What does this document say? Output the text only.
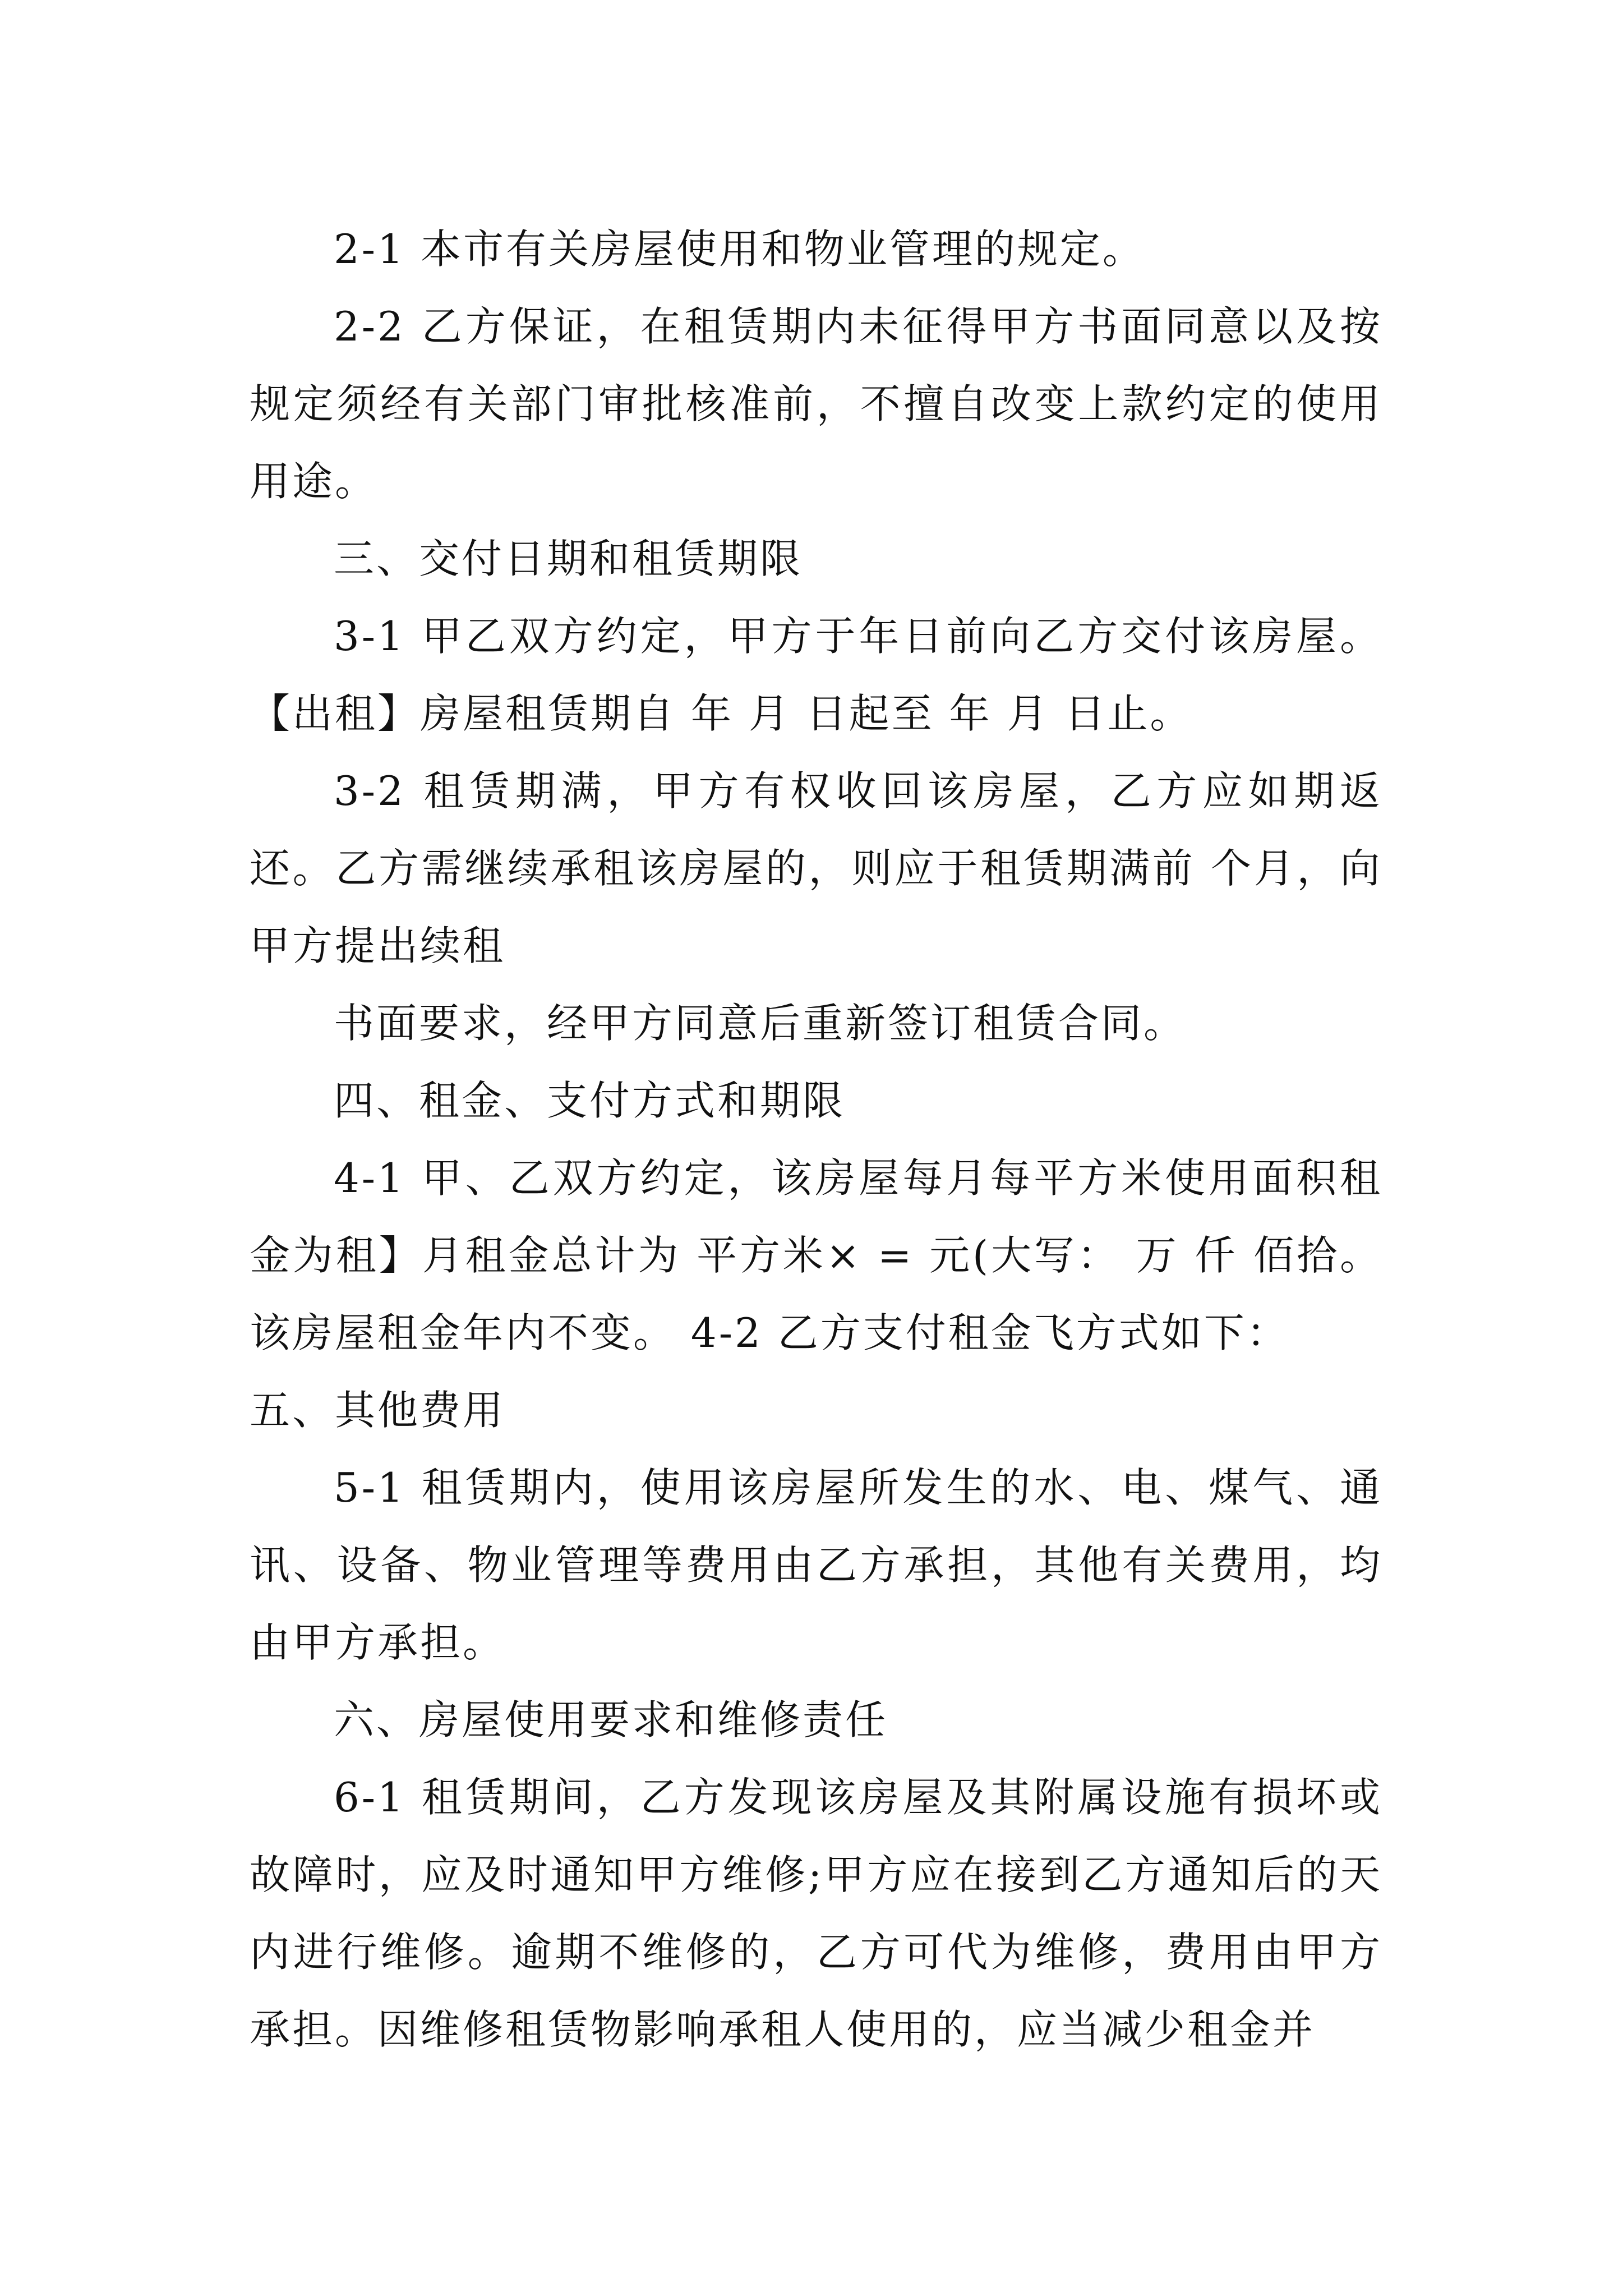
2-1 本市有关房屋使用和物业管理的规定。

2-2 乙方保证，在租赁期内未征得甲方书面同意以及按规定须经有关部门审批核准前，不擅自改变上款约定的使用用途。

三、交付日期和租赁期限

3-1 甲乙双方约定，甲方于年日前向乙方交付该房屋。【出租】房屋租赁期自 年 月 日起至 年 月 日止。

3-2 租赁期满，甲方有权收回该房屋，乙方应如期返还。乙方需继续承租该房屋的，则应于租赁期满前 个月，向甲方提出续租

书面要求，经甲方同意后重新签订租赁合同。

四、租金、支付方式和期限

4-1 甲、乙双方约定，该房屋每月每平方米使用面积租金为租】月租金总计为 平方米× = 元(大写： 万 仟 佰拾。该房屋租金年内不变。 4-2 乙方支付租金飞方式如下：

五、其他费用

5-1 租赁期内，使用该房屋所发生的水、电、煤气、通讯、设备、物业管理等费用由乙方承担，其他有关费用，均由甲方承担。

六、房屋使用要求和维修责任

6-1 租赁期间，乙方发现该房屋及其附属设施有损坏或故障时，应及时通知甲方维修;甲方应在接到乙方通知后的天内进行维修。逾期不维修的，乙方可代为维修，费用由甲方承担。因维修租赁物影响承租人使用的，应当减少租金并
